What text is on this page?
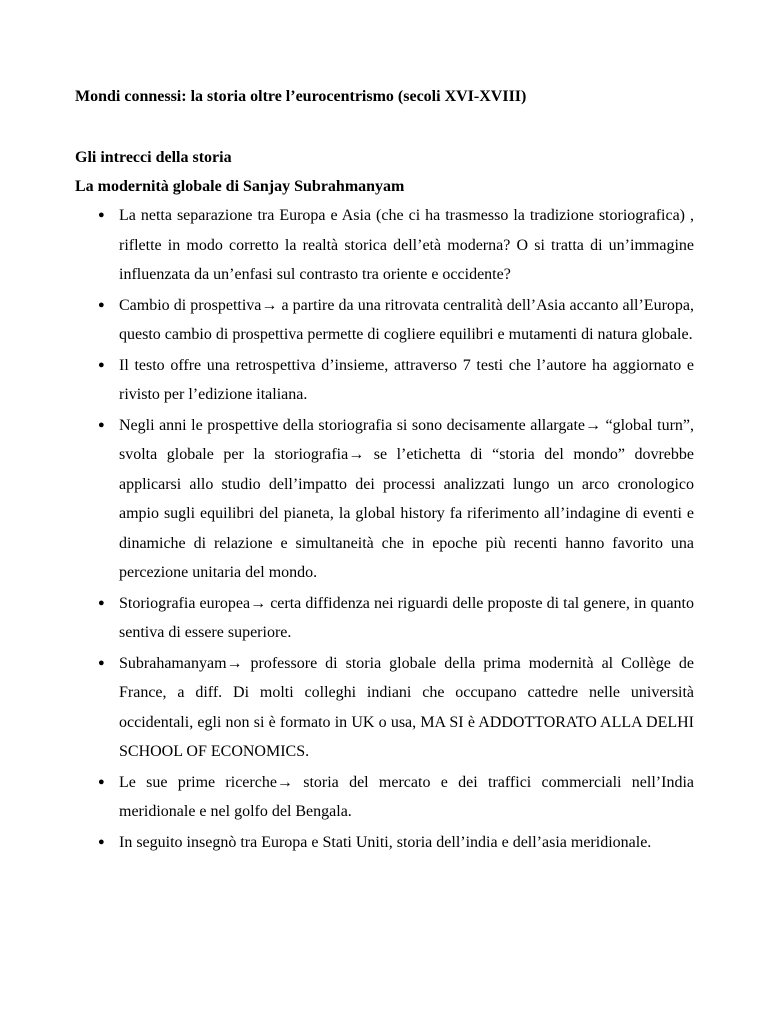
Mondi connessi: la storia oltre l’eurocentrismo (secoli XVI-XVIII)

Gli intrecci della storia

La modernità globale di Sanjay Subrahmanyam

● La netta separazione tra Europa e Asia (che ci ha trasmesso la tradizione storiografica) , riflette in modo corretto la realtà storica dell’età moderna? O si tratta di un’immagine influenzata da un’enfasi sul contrasto tra oriente e occidente?
● Cambio di prospettiva→ a partire da una ritrovata centralità dell’Asia accanto all’Europa, questo cambio di prospettiva permette di cogliere equilibri e mutamenti di natura globale.
● Il testo offre una retrospettiva d’insieme, attraverso 7 testi che l’autore ha aggiornato e rivisto per l’edizione italiana.
● Negli anni le prospettive della storiografia si sono decisamente allargate→ “global turn”, svolta globale per la storiografia→ se l’etichetta di “storia del mondo” dovrebbe applicarsi allo studio dell’impatto dei processi analizzati lungo un arco cronologico ampio sugli equilibri del pianeta, la global history fa riferimento all’indagine di eventi e dinamiche di relazione e simultaneità che in epoche più recenti hanno favorito una percezione unitaria del mondo.
● Storiografia europea→ certa diffidenza nei riguardi delle proposte di tal genere, in quanto sentiva di essere superiore.
● Subrahamanyam→ professore di storia globale della prima modernità al Collège de France, a diff. Di molti colleghi indiani che occupano cattedre nelle università occidentali, egli non si è formato in UK o usa, MA SI è ADDOTTORATO ALLA DELHI SCHOOL OF ECONOMICS.
● Le sue prime ricerche→ storia del mercato e dei traffici commerciali nell’India meridionale e nel golfo del Bengala.
● In seguito insegnò tra Europa e Stati Uniti, storia dell’india e dell’asia meridionale.
